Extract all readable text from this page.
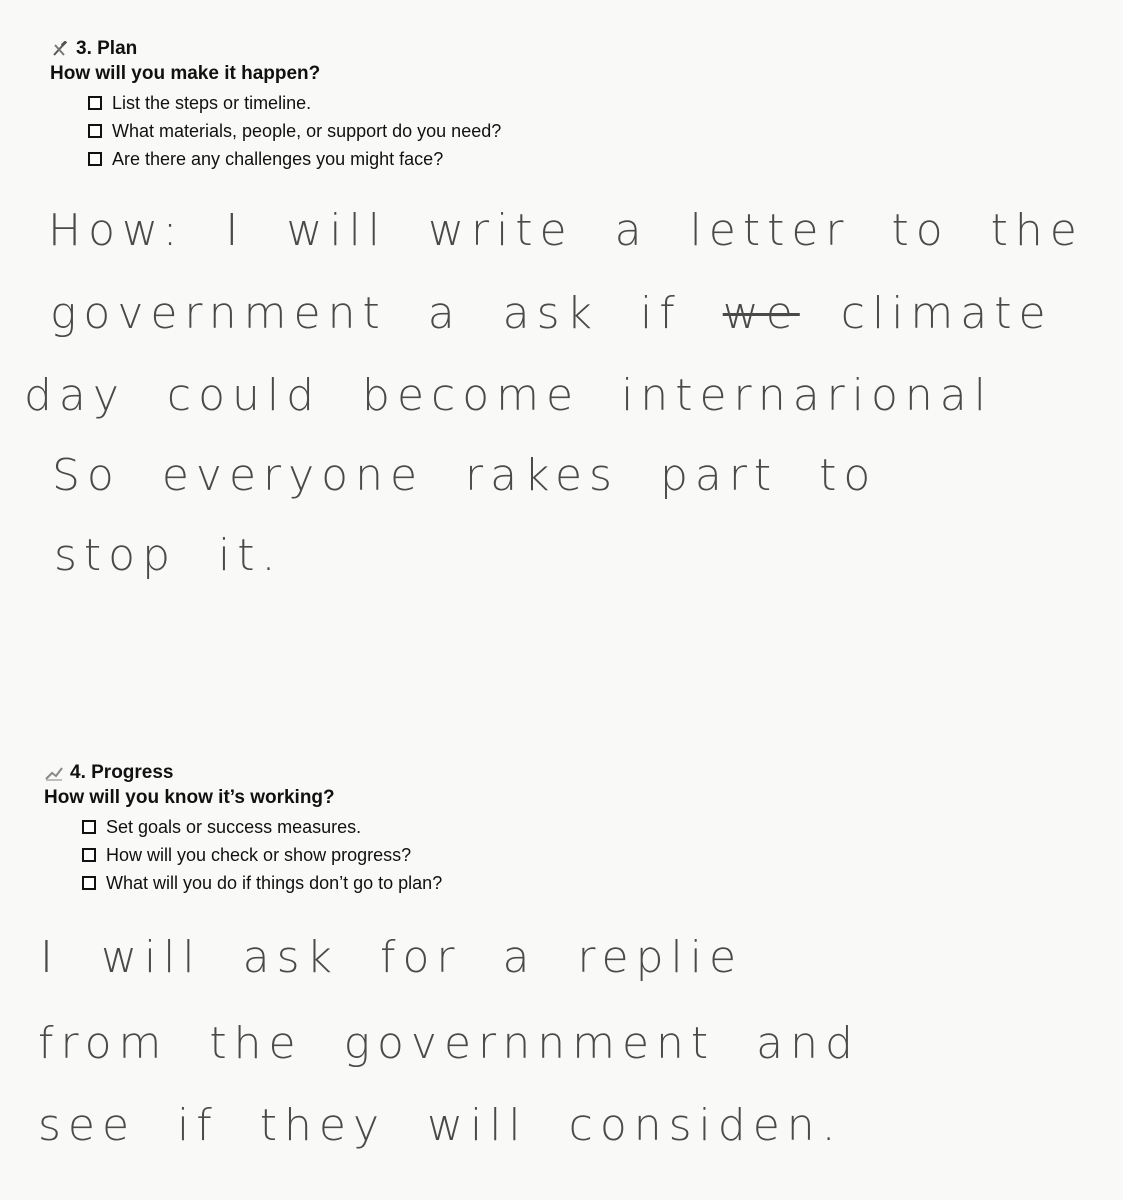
3. Plan
How will you make it happen?
List the steps or timeline.
What materials, people, or support do you need?
Are there any challenges you might face?
How: I will write a letter to the
government a ask if we climate
day could become internarional
So everyone rakes part to
stop it.
4. Progress
How will you know it’s working?
Set goals or success measures.
How will you check or show progress?
What will you do if things don’t go to plan?
I will ask for a replie
from the governnment and
see if they will considen.
